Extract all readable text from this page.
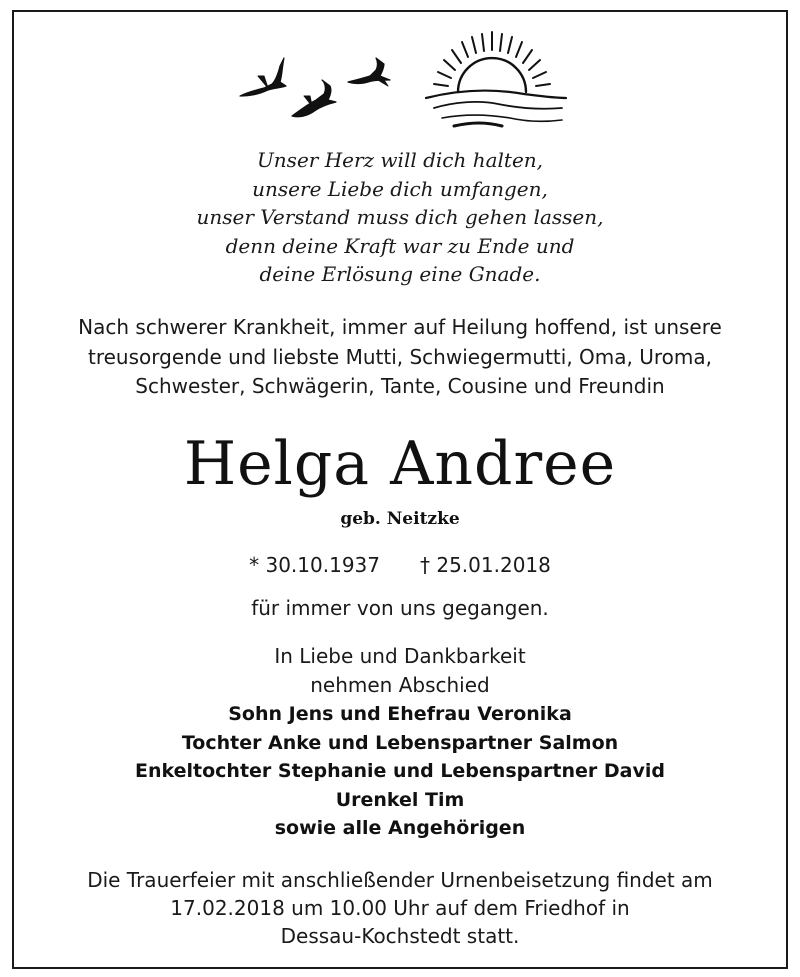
Unser Herz will dich halten,
unsere Liebe dich umfangen,
unser Verstand muss dich gehen lassen,
denn deine Kraft war zu Ende und
deine Erlösung eine Gnade.
Nach schwerer Krankheit, immer auf Heilung hoffend, ist unsere
treusorgende und liebste Mutti, Schwiegermutti, Oma, Uroma,
Schwester, Schwägerin, Tante, Cousine und Freundin
Helga Andree
geb. Neitzke
* 30.10.1937 † 25.01.2018
für immer von uns gegangen.
In Liebe und Dankbarkeit
nehmen Abschied
Sohn Jens und Ehefrau Veronika
Tochter Anke und Lebenspartner Salmon
Enkeltochter Stephanie und Lebenspartner David
Urenkel Tim
sowie alle Angehörigen
Die Trauerfeier mit anschließender Urnenbeisetzung findet am
17.02.2018 um 10.00 Uhr auf dem Friedhof in
Dessau-Kochstedt statt.
